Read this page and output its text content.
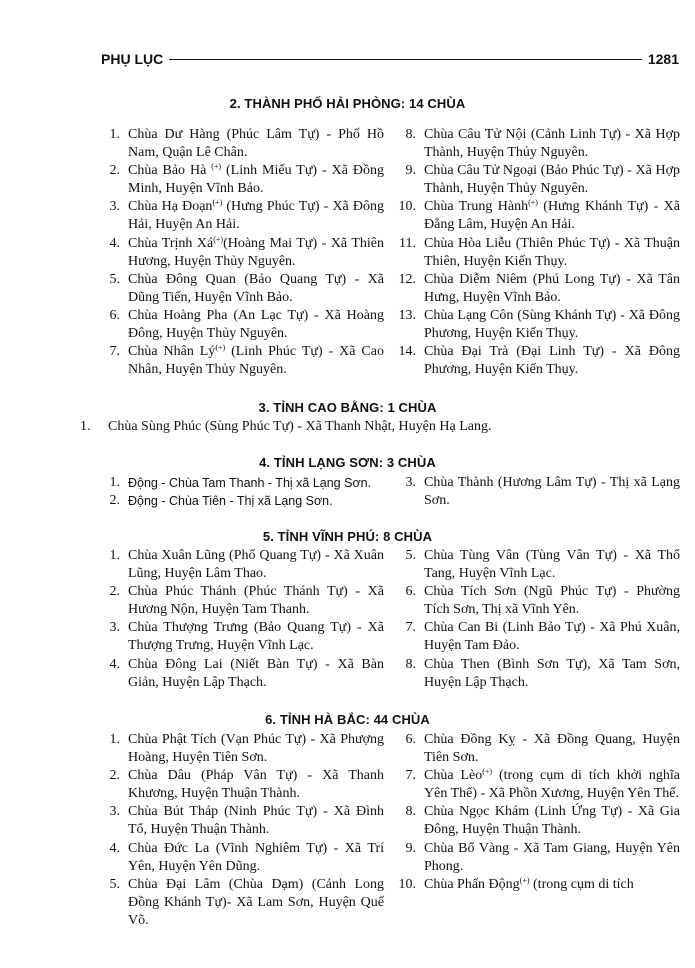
PHỤ LỤC	1281
2. THÀNH PHỐ HẢI PHÒNG: 14 CHÙA
1. Chùa Dư Hàng (Phúc Lâm Tự) - Phố Hồ Nam, Quận Lê Chân.
2. Chùa Bảo Hà (+) (Linh Miếu Tự) - Xã Đồng Minh, Huyện Vĩnh Bảo.
3. Chùa Hạ Đoạn(+) (Hưng Phúc Tự) - Xã Đông Hải, Huyện An Hải.
4. Chùa Trịnh Xá(+)(Hoàng Mai Tự) - Xã Thiên Hương, Huyện Thủy Nguyên.
5. Chùa Đông Quan (Bảo Quang Tự) - Xã Dũng Tiến, Huyện Vĩnh Bảo.
6. Chùa Hoàng Pha (An Lạc Tự) - Xã Hoàng Đông, Huyện Thủy Nguyên.
7. Chùa Nhân Lý(+) (Linh Phúc Tự) - Xã Cao Nhân, Huyện Thủy Nguyên.
8. Chùa Câu Tử Nội (Cảnh Linh Tự) - Xã Hợp Thành, Huyện Thủy Nguyên.
9. Chùa Câu Tử Ngoại (Bảo Phúc Tự) - Xã Hợp Thành, Huyện Thủy Nguyên.
10. Chùa Trung Hành(+) (Hưng Khánh Tự) - Xã Đằng Lâm, Huyện An Hải.
11. Chùa Hòa Liễu (Thiên Phúc Tự) - Xã Thuận Thiên, Huyện Kiến Thụy.
12. Chùa Diễm Niêm (Phú Long Tự) - Xã Tân Hưng, Huyện Vĩnh Bảo.
13. Chùa Lạng Côn (Sùng Khánh Tự) - Xã Đông Phương, Huyện Kiến Thụy.
14. Chùa Đại Trà (Đại Linh Tự) - Xã Đông Phương, Huyện Kiến Thụy.
3. TỈNH CAO BẰNG: 1 CHÙA
1. Chùa Sùng Phúc (Sùng Phúc Tự) - Xã Thanh Nhật, Huyện Hạ Lang.
4. TỈNH LẠNG SƠN: 3 CHÙA
1. Động - Chùa Tam Thanh - Thị xã Lạng Sơn.
2. Động - Chùa Tiên - Thị xã Lạng Sơn.
3. Chùa Thành (Hương Lâm Tự) - Thị xã Lạng Sơn.
5. TỈNH VĨNH PHÚ: 8 CHÙA
1. Chùa Xuân Lũng (Phổ Quang Tự) - Xã Xuân Lũng, Huyện Lâm Thao.
2. Chùa Phúc Thánh (Phúc Thánh Tự) - Xã Hương Nộn, Huyện Tam Thanh.
3. Chùa Thượng Trưng (Bảo Quang Tự) - Xã Thượng Trưng, Huyện Vĩnh Lạc.
4. Chùa Đông Lai (Niết Bàn Tự) - Xã Bàn Giản, Huyện Lập Thạch.
5. Chùa Tùng Vân (Tùng Vân Tự) - Xã Thổ Tang, Huyện Vĩnh Lạc.
6. Chùa Tích Sơn (Ngũ Phúc Tự) - Phường Tích Sơn, Thị xã Vĩnh Yên.
7. Chùa Can Bi (Linh Bảo Tự) - Xã Phú Xuân, Huyện Tam Đảo.
8. Chùa Then (Bình Sơn Tự), Xã Tam Sơn, Huyện Lập Thạch.
6. TỈNH HÀ BẮC: 44 CHÙA
1. Chùa Phật Tích (Vạn Phúc Tự) - Xã Phượng Hoàng, Huyện Tiên Sơn.
2. Chùa Dâu (Pháp Vân Tự) - Xã Thanh Khương, Huyện Thuận Thành.
3. Chùa Bút Tháp (Ninh Phúc Tự) - Xã Đình Tổ, Huyện Thuận Thành.
4. Chùa Đức La (Vĩnh Nghiêm Tự) - Xã Trí Yên, Huyện Yên Dũng.
5. Chùa Đại Lâm (Chùa Dạm) (Cảnh Long Đồng Khánh Tự)- Xã Lam Sơn, Huyện Quế Võ.
6. Chùa Đồng Kỵ - Xã Đồng Quang, Huyện Tiên Sơn.
7. Chùa Lèo(+) (trong cụm di tích khởi nghĩa Yên Thế) - Xã Phồn Xương, Huyện Yên Thế.
8. Chùa Ngọc Khám (Linh Ứng Tự) - Xã Gia Đông, Huyện Thuận Thành.
9. Chùa Bổ Vàng - Xã Tam Giang, Huyện Yên Phong.
10. Chùa Phấn Động(+) (trong cụm di tích
